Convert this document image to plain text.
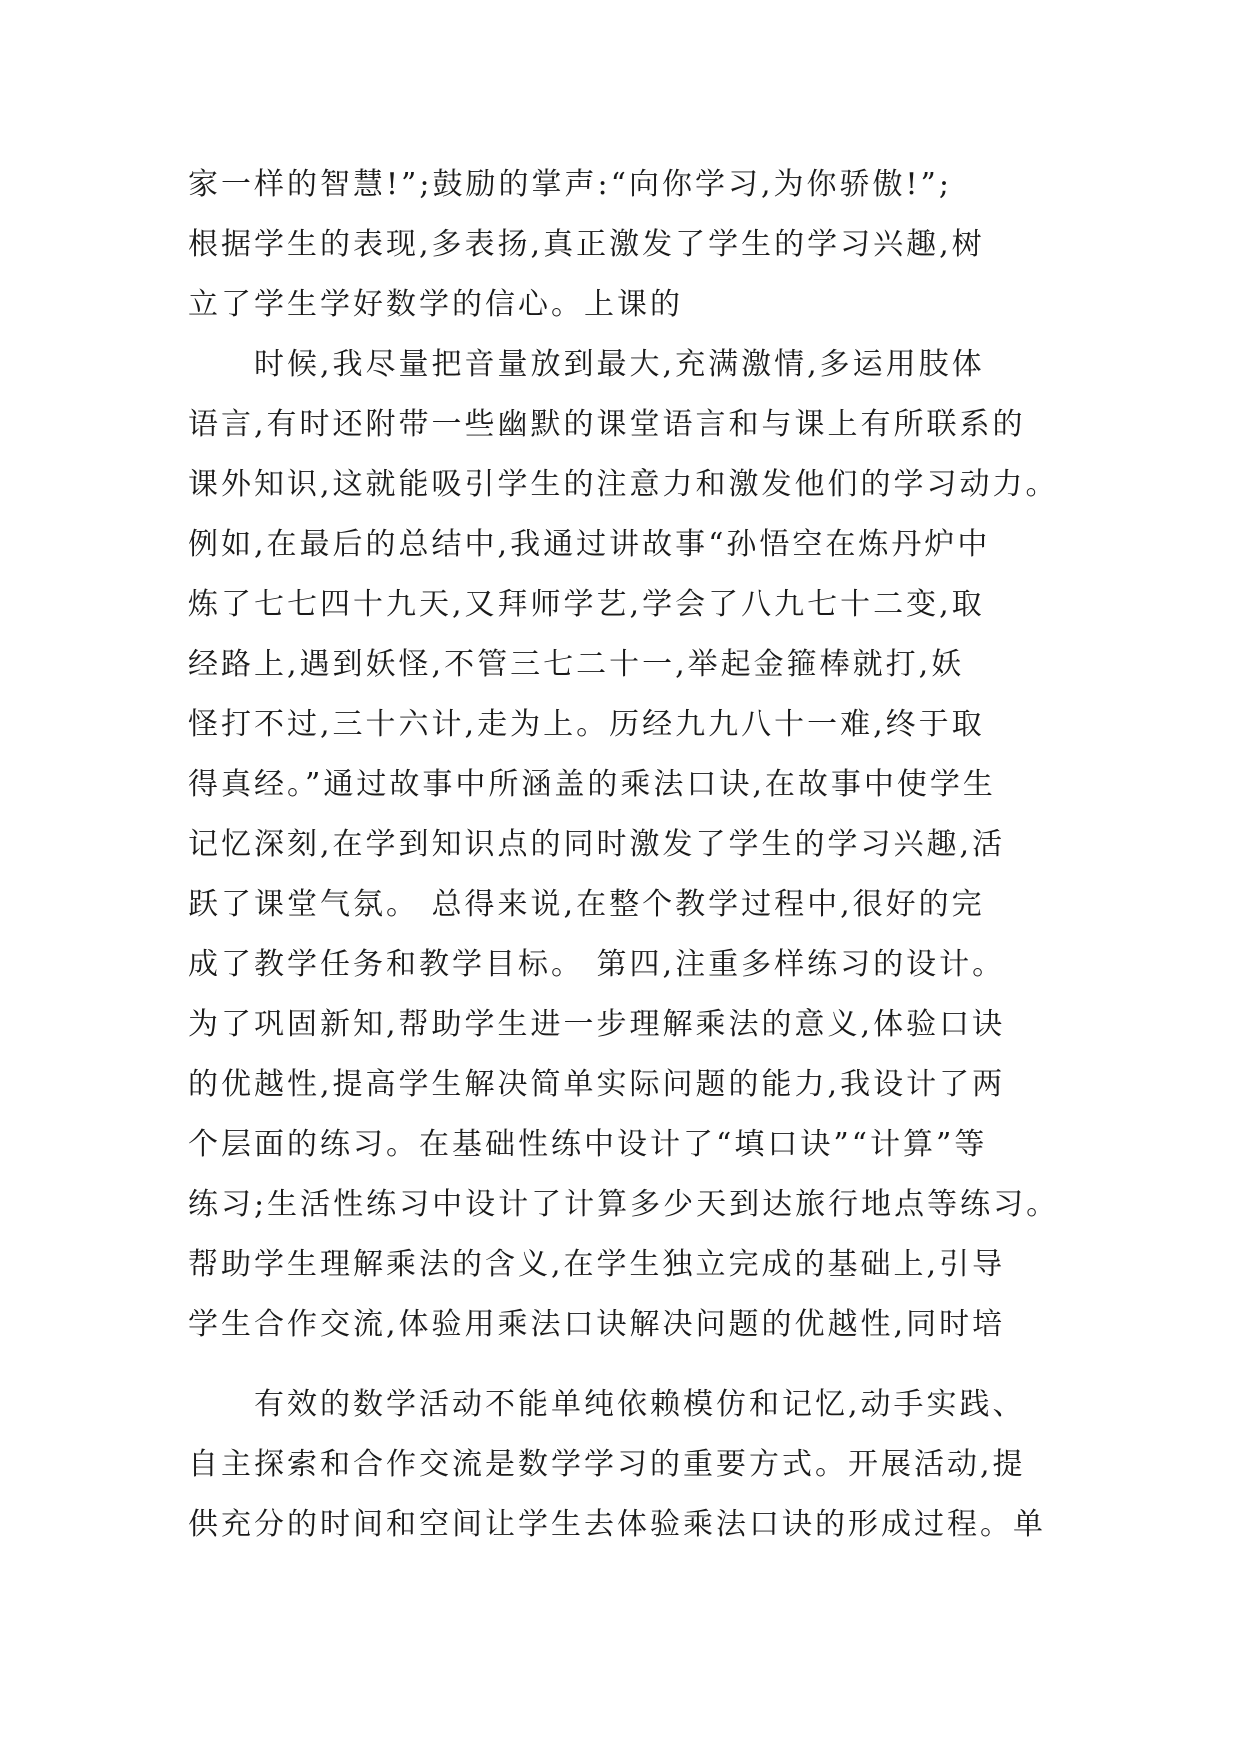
家一样的智慧!”;鼓励的掌声:“向你学习,为你骄傲!”;
根据学生的表现,多表扬,真正激发了学生的学习兴趣,树
立了学生学好数学的信心。上课的
时候,我尽量把音量放到最大,充满激情,多运用肢体
语言,有时还附带一些幽默的课堂语言和与课上有所联系的
课外知识,这就能吸引学生的注意力和激发他们的学习动力。
例如,在最后的总结中,我通过讲故事“孙悟空在炼丹炉中
炼了七七四十九天,又拜师学艺,学会了八九七十二变,取
经路上,遇到妖怪,不管三七二十一,举起金箍棒就打,妖
怪打不过,三十六计,走为上。历经九九八十一难,终于取
得真经。”通过故事中所涵盖的乘法口诀,在故事中使学生
记忆深刻,在学到知识点的同时激发了学生的学习兴趣,活
跃了课堂气氛。 总得来说,在整个教学过程中,很好的完
成了教学任务和教学目标。 第四,注重多样练习的设计。
为了巩固新知,帮助学生进一步理解乘法的意义,体验口诀
的优越性,提高学生解决简单实际问题的能力,我设计了两
个层面的练习。在基础性练中设计了“填口诀”“计算”等
练习;生活性练习中设计了计算多少天到达旅行地点等练习。
帮助学生理解乘法的含义,在学生独立完成的基础上,引导
学生合作交流,体验用乘法口诀解决问题的优越性,同时培
有效的数学活动不能单纯依赖模仿和记忆,动手实践、
自主探索和合作交流是数学学习的重要方式。开展活动,提
供充分的时间和空间让学生去体验乘法口诀的形成过程。单
